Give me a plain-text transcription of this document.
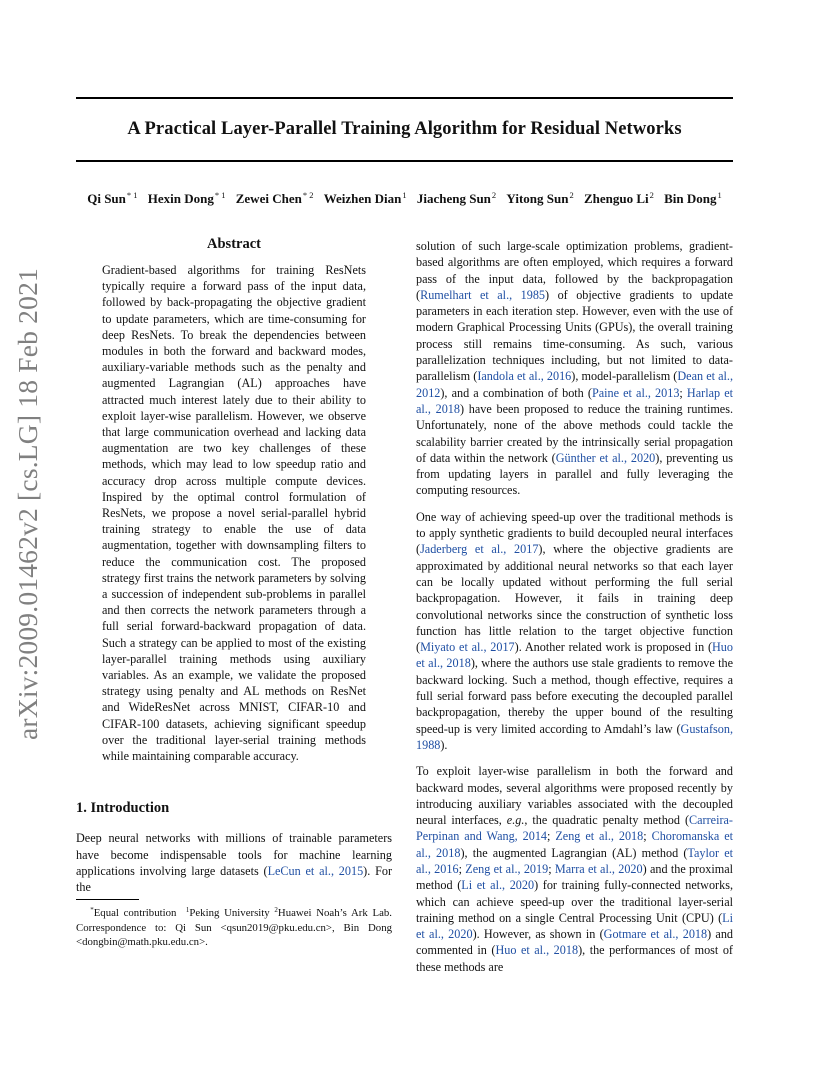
A Practical Layer-Parallel Training Algorithm for Residual Networks
Qi Sun$^{* 1}$ Hexin Dong$^{* 1}$ Zewei Chen$^{* 2}$ Weizhen Dian$^1$ Jiacheng Sun$^2$ Yitong Sun$^2$ Zhenguo Li$^2$ Bin Dong$^1$
arXiv:2009.01462v2 [cs.LG] 18 Feb 2021
Abstract

Gradient-based algorithms for training ResNets typically require a forward pass of the input data, followed by back-propagating the objective gradient to update parameters, which are time-consuming for deep ResNets. To break the dependencies between modules in both the forward and backward modes, auxiliary-variable methods such as the penalty and augmented Lagrangian (AL) approaches have attracted much interest lately due to their ability to exploit layer-wise parallelism. However, we observe that large communication overhead and lacking data augmentation are two key challenges of these methods, which may lead to low speedup ratio and accuracy drop across multiple compute devices. Inspired by the optimal control formulation of ResNets, we propose a novel serial-parallel hybrid training strategy to enable the use of data augmentation, together with downsampling filters to reduce the communication cost. The proposed strategy first trains the network parameters by solving a succession of independent sub-problems in parallel and then corrects the network parameters through a full serial forward-backward propagation of data. Such a strategy can be applied to most of the existing layer-parallel training methods using auxiliary variables. As an example, we validate the proposed strategy using penalty and AL methods on ResNet and WideResNet across MNIST, CIFAR-10 and CIFAR-100 datasets, achieving significant speedup over the traditional layer-serial training methods while maintaining comparable accuracy.

1. Introduction

Deep neural networks with millions of trainable parameters have become indispensable tools for machine learning applications involving large datasets (LeCun et al., 2015). For the

*Equal contribution $^1$Peking University $^2$Huawei Noah’s Ark Lab. Correspondence to: Qi Sun <qsun2019@pku.edu.cn>, Bin Dong <dongbin@math.pku.edu.cn>.

solution of such large-scale optimization problems, gradient-based algorithms are often employed, which requires a forward pass of the input data, followed by the backpropagation (Rumelhart et al., 1985) of objective gradients to update parameters in each iteration step. However, even with the use of modern Graphical Processing Units (GPUs), the overall training process still remains time-consuming. As such, various parallelization techniques including, but not limited to data-parallelism (Iandola et al., 2016), model-parallelism (Dean et al., 2012), and a combination of both (Paine et al., 2013; Harlap et al., 2018) have been proposed to reduce the training runtimes. Unfortunately, none of the above methods could tackle the scalability barrier created by the intrinsically serial propagation of data within the network (Günther et al., 2020), preventing us from updating layers in parallel and fully leveraging the computing resources.

One way of achieving speed-up over the traditional methods is to apply synthetic gradients to build decoupled neural interfaces (Jaderberg et al., 2017), where the objective gradients are approximated by additional neural networks so that each layer can be locally updated without performing the full serial backpropagation. However, it fails in training deep convolutional networks since the construction of synthetic loss function has little relation to the target objective function (Miyato et al., 2017). Another related work is proposed in (Huo et al., 2018), where the authors use stale gradients to remove the backward locking. Such a method, though effective, requires a full serial forward pass before executing the decoupled parallel backpropagation, thereby the upper bound of the resulting speed-up is very limited according to Amdahl’s law (Gustafson, 1988).

To exploit layer-wise parallelism in both the forward and backward modes, several algorithms were proposed recently by introducing auxiliary variables associated with the decoupled neural interfaces, e.g., the quadratic penalty method (Carreira-Perpinan and Wang, 2014; Zeng et al., 2018; Choromanska et al., 2018), the augmented Lagrangian (AL) method (Taylor et al., 2016; Zeng et al., 2019; Marra et al., 2020) and the proximal method (Li et al., 2020) for training fully-connected networks, which can achieve speed-up over the traditional layer-serial training method on a single Central Processing Unit (CPU) (Li et al., 2020). However, as shown in (Gotmare et al., 2018) and commented in (Huo et al., 2018), the performances of most of these methods are
